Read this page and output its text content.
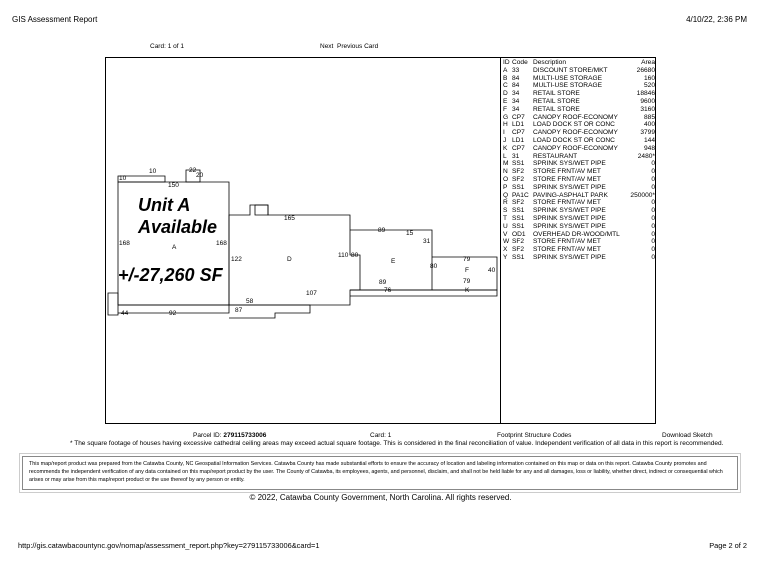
GIS Assessment Report	4/10/22, 2:36 PM
Card: 1 of 1	Next Previous Card
10
10
150
22
20
168
A
168
122	D
165
110 80
89	15
31
E
80
79
F	40
89	79
107	76	K
44	92	87
58
Unit A
Available
+/-27,260 SF
ID Code Description	Area
A 33	DISCOUNT STORE/MKT	26680
B 84	MULTI-USE STORAGE	160
C 84	MULTI-USE STORAGE	520
D 34	RETAIL STORE	18846
E 34	RETAIL STORE	9600
F 34	RETAIL STORE	3160
G CP7	CANOPY ROOF-ECONOMY	885
H LD1	LOAD DOCK ST OR CONC	400
I	CP7	CANOPY ROOF-ECONOMY	3799
J LD1	LOAD DOCK ST OR CONC	144
K CP7	CANOPY ROOF-ECONOMY	948
L 31	RESTAURANT	2480*
M SS1	SPRINK SYS/WET PIPE	0
N SF2	STORE FRNT/AV MET	0
O SF2	STORE FRNT/AV MET	0
P SS1	SPRINK SYS/WET PIPE	0
Q PA1C PAVING-ASPHALT PARK	250000*
R SF2	STORE FRNT/AV MET	0
S SS1	SPRINK SYS/WET PIPE	0
T SS1	SPRINK SYS/WET PIPE	0
U SS1	SPRINK SYS/WET PIPE	0
V OD1	OVERHEAD DR-WOOD/MTL	0
W SF2	STORE FRNT/AV MET	0
X SF2	STORE FRNT/AV MET	0
Y SS1	SPRINK SYS/WET PIPE	0
Parcel ID: 279115733006	Card: 1	Footprint Structure Codes	Download Sketch
* The square footage of houses having excessive cathedral ceiling areas may exceed actual square footage. This is considered in the final reconciliation of value. Independent verification of all data in this report is recommended.
This map/report product was prepared from the Catawba County, NC Geospatial Information Services. Catawba County has made substantial efforts to ensure the accuracy of location and labeling information contained on this map or data on this report. Catawba County promotes and recommends the independent verification of any data contained on this map/report product by the user. The County of Catawba, its employees, agents, and personnel, disclaim, and shall not be held liable for any and all damages, loss or liability, whether direct, indirect or consequential which arises or may arise from this map/report product or the use thereof by any person or entity.
© 2022, Catawba County Government, North Carolina. All rights reserved.
http://gis.catawbacountync.gov/nomap/assessment_report.php?key=279115733006&card=1	Page 2 of 2
